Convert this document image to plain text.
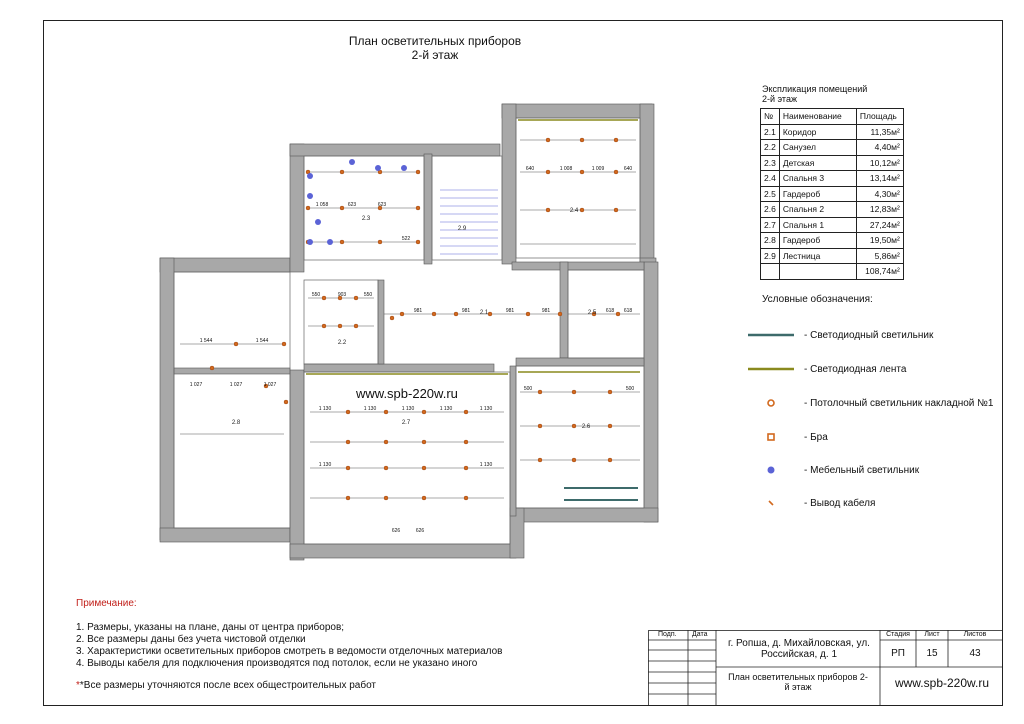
План осветительных приборов
2-й этаж
2.1
2.2
2.3
2.4
2.5
2.6
2.7
2.8
2.9
1 130	1 130	1 130	1 130	1 130
1 130	1 130
981	981	981	981
903
550	550
1 544	1 544
1 027	1 027	1 027
626	626
640	1 008	1 009	640
500	500
618 618
623	623
1 058
522
www.spb-220w.ru
Экспликация помещений
2-й этаж
№	Наименование	Площадь
2.1	Коридор	11,35м²
2.2	Санузел	4,40м²
2.3	Детская	10,12м²
2.4	Спальня 3	13,14м²
2.5	Гардероб	4,30м²
2.6	Спальня 2	12,83м²
2.7	Спальня 1	27,24м²
2.8	Гардероб	19,50м²
2.9	Лестница	5,86м²
		108,74м²
Условные обозначения:
- Светодиодный светильник
- Светодиодная лента
- Потолочный светильник накладной №1
- Бра
- Мебельный светильник
- Вывод кабеля
Примечание:
1. Размеры, указаны на плане, даны от центра приборов;
2. Все размеры даны без учета чистовой отделки
3. Характеристики осветительных приборов смотреть в ведомости отделочных материалов
4. Выводы кабеля для подключения производятся под потолок, если не указано иного
**Все размеры уточняются после всех общестроительных работ
Подп. Дата
г. Ропша, д. Михайловская, ул. Российская, д. 1
Стадия	Лист	Листов
РП	15	43
План осветительных приборов 2-й этаж	www.spb-220w.ru
